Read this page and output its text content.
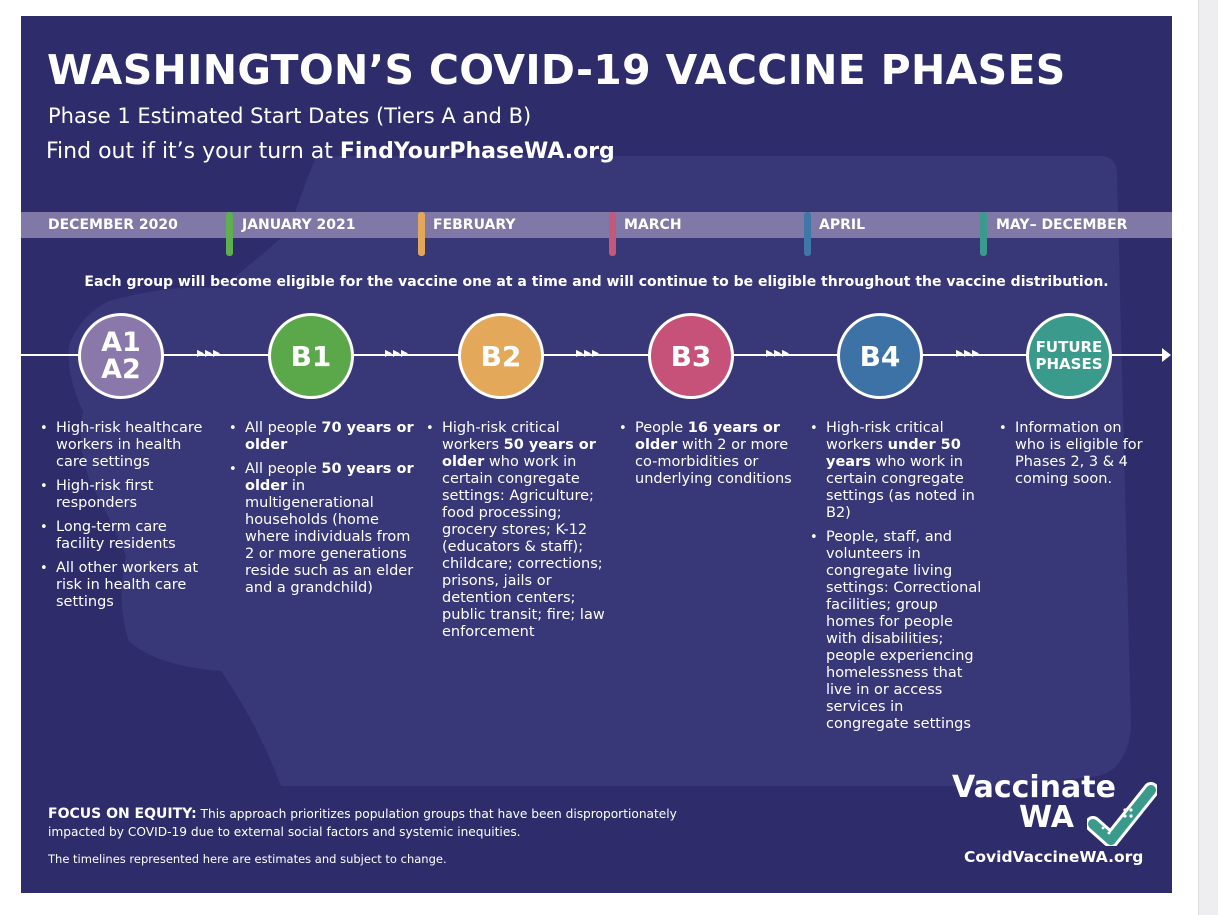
WASHINGTON’S COVID-19 VACCINE PHASES
Phase 1 Estimated Start Dates (Tiers A and B)
Find out if it’s your turn at FindYourPhaseWA.org
DECEMBER 2020	JANUARY 2021	FEBRUARY	MARCH	APRIL	MAY– DECEMBER
Each group will become eligible for the vaccine one at a time and will continue to be eligible throughout the vaccine distribution.
▸▸▸	▸▸▸	▸▸▸	▸▸▸	▸▸▸
A1
A2	B1	B2	B3	B4	FUTURE
PHASES
• High-risk healthcare workers in health care settings
• High-risk first responders
• Long-term care facility residents
• All other workers at risk in health care settings
• All people 70 years or older
• All people 50 years or older in multigenerational households (home where individuals from 2 or more generations reside such as an elder and a grandchild)
• High-risk critical workers 50 years or older who work in certain congregate settings: Agriculture; food processing; grocery stores; K-12 (educators & staff); childcare; corrections; prisons, jails or detention centers; public transit; fire; law enforcement
• People 16 years or older with 2 or more co-morbidities or underlying conditions
• High-risk critical workers under 50 years who work in certain congregate settings (as noted in B2)
• People, staff, and volunteers in congregate living settings: Correctional facilities; group homes for people with disabilities; people experiencing homelessness that live in or access services in congregate settings
• Information on who is eligible for Phases 2, 3 & 4 coming soon.
FOCUS ON EQUITY: This approach prioritizes population groups that have been disproportionately impacted by COVID-19 due to external social factors and systemic inequities.
The timelines represented here are estimates and subject to change.
Vaccinate
WA
CovidVaccineWA.org
